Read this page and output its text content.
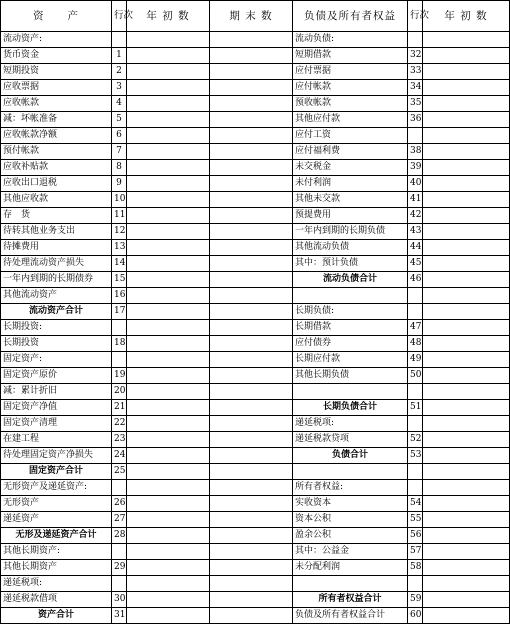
资　　产	行次	年 初 数	期 末 数	负债及所有者权益	行次	年 初 数
流动资产:				流动负债:		
货币资金	1			短期借款	32	
短期投资	2			应付票据	33	
应收票据	3			应付帐款	34	
应收帐款	4			预收帐款	35	
减：坏帐准备	5			其他应付款	36	
应收帐款净额	6			应付工资		
预付帐款	7			应付福利费	38	
应收补贴款	8			未交税金	39	
应收出口退税	9			未付利润	40	
其他应收款	10			其他未交款	41	
存　货	11			预提费用	42	
待转其他业务支出	12			一年内到期的长期负债	43	
待摊费用	13			其他流动负债	44	
待处理流动资产损失	14			其中：预计负债	45	
一年内到期的长期债券	15			流动负债合计	46	
其他流动资产	16					
流动资产合计	17			长期负债:		
长期投资:				长期借款	47	
长期投资	18			应付债券	48	
固定资产:				长期应付款	49	
固定资产原价	19			其他长期负债	50	
减：累计折旧	20					
固定资产净值	21			长期负债合计	51	
固定资产清理	22			递延税项:		
在建工程	23			递延税款贷项	52	
待处理固定资产净损失	24			负债合计	53	
固定资产合计	25					
无形资产及递延资产:				所有者权益:		
无形资产	26			实收资本	54	
递延资产	27			资本公积	55	
无形及递延资产合计	28			盈余公积	56	
其他长期资产:				其中：公益金	57	
其他长期资产	29			未分配利润	58	
递延税项:						
递延税款借项	30			所有者权益合计	59	
资产合计	31			负债及所有者权益合计	60	
